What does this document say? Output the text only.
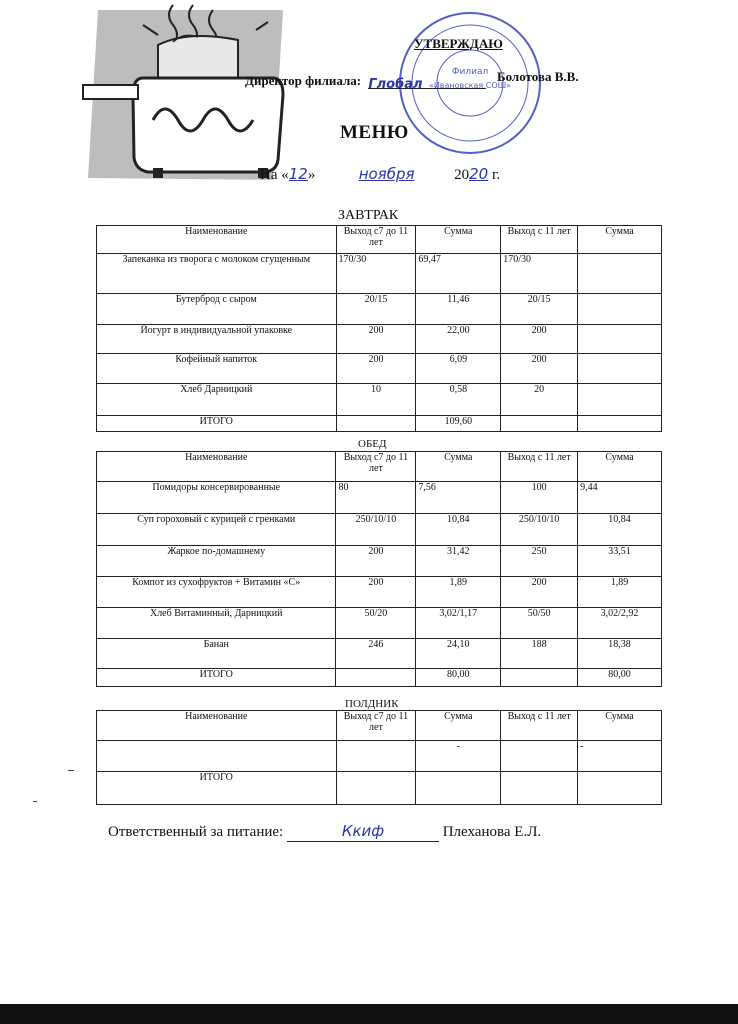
Филиал
«Ивановская СОШ»
УТВЕРЖДАЮ
Директор филиала: Глобал
Болотова В.В.
МЕНЮ
На «12»	ноября	2020 г.
ЗАВТРАК
Наименование	Выход с7 до 11 лет	Сумма	Выход с 11 лет	Сумма
Запеканка из творога с молоком сгущенным	170/30	69,47	170/30	
Бутерброд с сыром	20/15	11,46	20/15	
Йогурт в индивидуальной упаковке	200	22,00	200	
Кофейный напиток	200	6,09	200	
Хлеб Дарницкий	10	0,58	20	
ИТОГО		109,60		
ОБЕД
Наименование	Выход с7 до 11 лет	Сумма	Выход с 11 лет	Сумма
Помидоры консервированные	80	7,56	100	9,44
Суп гороховый с курицей с гренками	250/10/10	10,84	250/10/10	10,84
Жаркое по-домашнему	200	31,42	250	33,51
Компот из сухофруктов + Витамин «С»	200	1,89	200	1,89
Хлеб Витаминный, Дарницкий	50/20	3,02/1,17	50/50	3,02/2,92
Банан	246	24,10	188	18,38
ИТОГО		80,00		80,00
ПОЛДНИК
Наименование	Выход с7 до 11 лет	Сумма	Выход с 11 лет	Сумма
		-		-
ИТОГО				
Ответственный за питание:	Ккиф	Плеханова Е.Л.
